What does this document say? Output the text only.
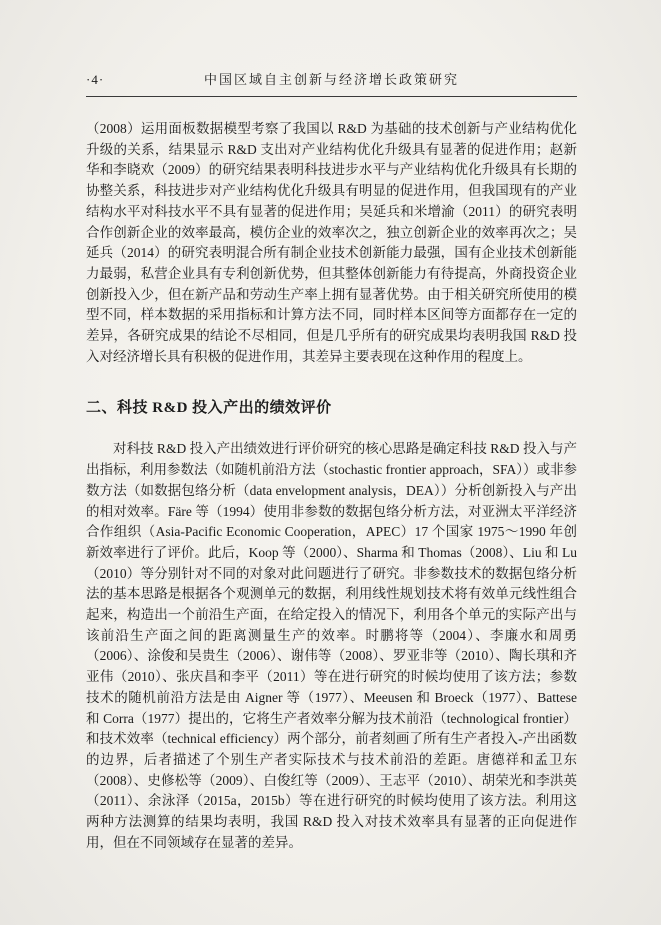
·4·	中国区域自主创新与经济增长政策研究

（2008）运用面板数据模型考察了我国以 R&D 为基础的技术创新与产业结构优化升级的关系，结果显示 R&D 支出对产业结构优化升级具有显著的促进作用；赵新华和李晓欢（2009）的研究结果表明科技进步水平与产业结构优化升级具有长期的协整关系，科技进步对产业结构优化升级具有明显的促进作用，但我国现有的产业结构水平对科技水平不具有显著的促进作用；吴延兵和米增渝（2011）的研究表明合作创新企业的效率最高，模仿企业的效率次之，独立创新企业的效率再次之；吴延兵（2014）的研究表明混合所有制企业技术创新能力最强，国有企业技术创新能力最弱，私营企业具有专利创新优势，但其整体创新能力有待提高，外商投资企业创新投入少，但在新产品和劳动生产率上拥有显著优势。由于相关研究所使用的模型不同，样本数据的采用指标和计算方法不同，同时样本区间等方面都存在一定的差异，各研究成果的结论不尽相同，但是几乎所有的研究成果均表明我国 R&D 投入对经济增长具有积极的促进作用，其差异主要表现在这种作用的程度上。

二、科技 R&D 投入产出的绩效评价

对科技 R&D 投入产出绩效进行评价研究的核心思路是确定科技 R&D 投入与产出指标，利用参数法（如随机前沿方法（stochastic frontier approach，SFA））或非参数方法（如数据包络分析（data envelopment analysis，DEA））分析创新投入与产出的相对效率。Färe 等（1994）使用非参数的数据包络分析方法，对亚洲太平洋经济合作组织（Asia-Pacific Economic Cooperation，APEC）17 个国家 1975～1990 年创新效率进行了评价。此后，Koop 等（2000）、Sharma 和 Thomas（2008）、Liu 和 Lu（2010）等分别针对不同的对象对此问题进行了研究。非参数技术的数据包络分析法的基本思路是根据各个观测单元的数据，利用线性规划技术将有效单元线性组合起来，构造出一个前沿生产面，在给定投入的情况下，利用各个单元的实际产出与该前沿生产面之间的距离测量生产的效率。时鹏将等（2004）、李廉水和周勇（2006）、涂俊和吴贵生（2006）、谢伟等（2008）、罗亚非等（2010）、陶长琪和齐亚伟（2010）、张庆昌和李平（2011）等在进行研究的时候均使用了该方法；参数技术的随机前沿方法是由 Aigner 等（1977）、Meeusen 和 Broeck（1977）、Battese 和 Corra（1977）提出的，它将生产者效率分解为技术前沿（technological frontier）和技术效率（technical efficiency）两个部分，前者刻画了所有生产者投入-产出函数的边界，后者描述了个别生产者实际技术与技术前沿的差距。唐德祥和孟卫东（2008）、史修松等（2009）、白俊红等（2009）、王志平（2010）、胡荣光和李洪英（2011）、余泳泽（2015a，2015b）等在进行研究的时候均使用了该方法。利用这两种方法测算的结果均表明，我国 R&D 投入对技术效率具有显著的正向促进作用，但在不同领域存在显著的差异。
